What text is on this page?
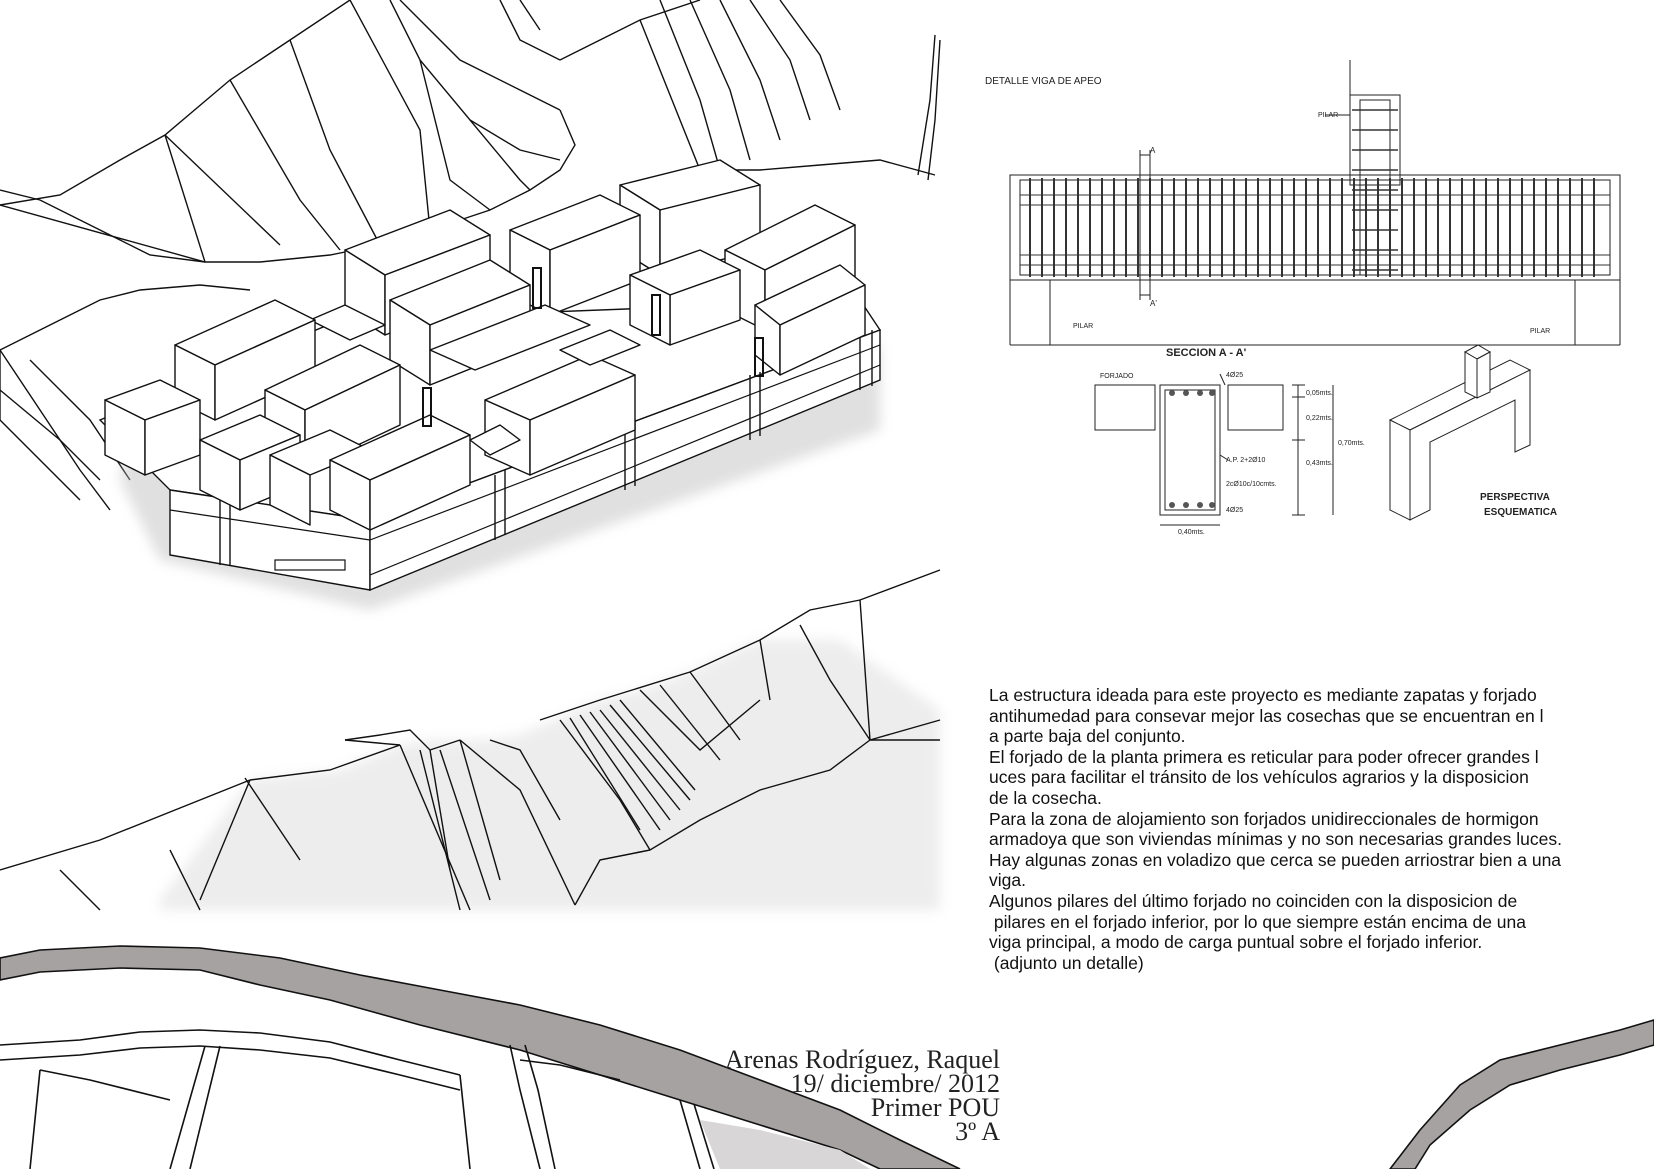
DETALLE VIGA DE APEO
PILAR
PILAR
PILAR
A
A'
SECCION A - A'
FORJADO	4Ø25
4Ø25
0,05mts.
0,22mts.
0,43mts.
0,70mts.
A.P. 2+2Ø10
2cØ10c/10cmts.
0,40mts.
PERSPECTIVA
ESQUEMATICA
La estructura ideada para este proyecto es mediante zapatas y forjado
antihumedad para consevar mejor las cosechas que se encuentran en l
a parte baja del conjunto.
El forjado de la planta primera es reticular para poder ofrecer grandes l
uces para facilitar el tránsito de los vehículos agrarios y la disposicion
de la cosecha.
Para la zona de alojamiento son forjados unidireccionales de hormigon
armadoya que son viviendas mínimas y no son necesarias grandes luces.
Hay algunas zonas en voladizo que cerca se pueden arriostrar bien a una
viga.
Algunos pilares del último forjado no coinciden con la disposicion de
pilares en el forjado inferior, por lo que siempre están encima de una
viga principal, a modo de carga puntual sobre el forjado inferior.
(adjunto un detalle)
Arenas Rodríguez, Raquel
19/ diciembre/ 2012
Primer POU
3º A
